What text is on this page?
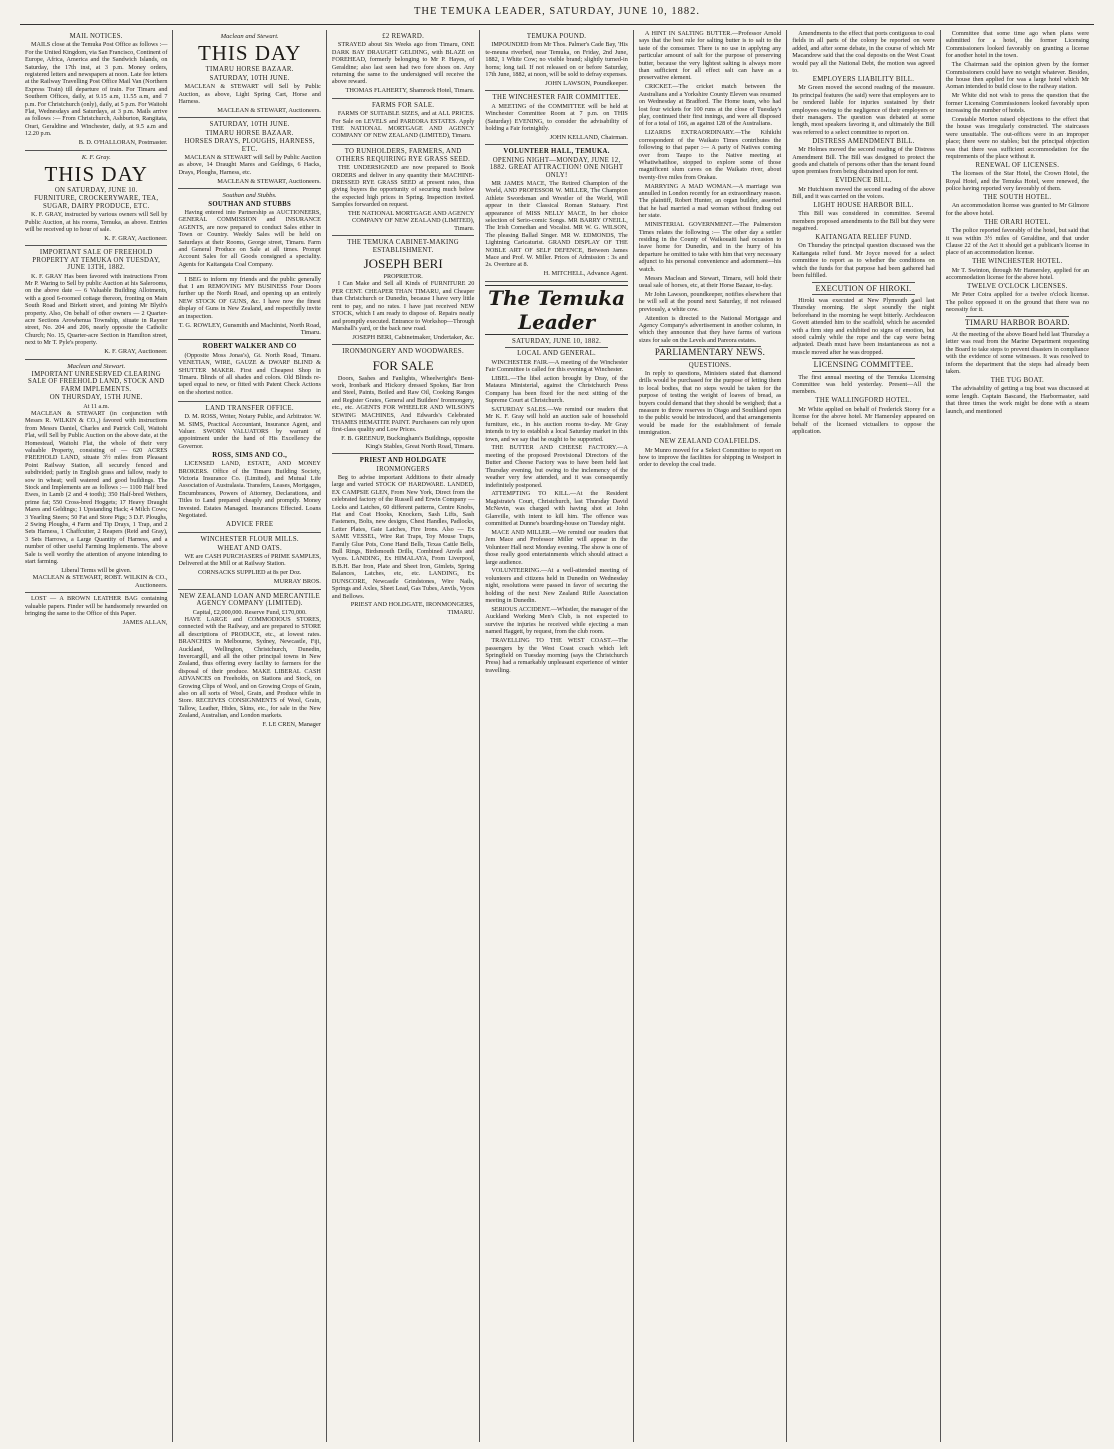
THE TEMUKA LEADER, SATURDAY, JUNE 10, 1882.
MAIL NOTICES.

MAILS close at the Temuka Post Office as follows :— For the United Kingdom, via San Francisco, Continent of Europe, Africa, America and the Sandwich Islands, on Saturday, the 17th inst, at 3 p.m. Money orders, registered letters and newspapers at noon. Late fee letters at the Railway Travelling Post Office Mail Van (Northern Express Train) till departure of train. For Timaru and Southern Offices, daily, at 9.15 a.m, 11.55 a.m, and 7 p.m. For Christchurch (only), daily, at 5 p.m. For Waitohi Flat, Wednesdays and Saturdays, at 3 p.m. Mails arrive as follows :— From Christchurch, Ashburton, Rangitata, Orari, Geraldine and Winchester, daily, at 9.5 a.m and 12.20 p.m.

B. D. O'HALLORAN, Postmaster.
K. F. Gray.
THIS DAY
ON SATURDAY, JUNE 10.
FURNITURE, CROCKERYWARE, TEA, SUGAR, DAIRY PRODUCE, ETC.

K. F. GRAY, instructed by various owners will Sell by Public Auction, at his rooms, Temuka, as above. Entries will be received up to hour of sale.

K. F. GRAY, Auctioneer.
IMPORTANT SALE OF FREEHOLD PROPERTY AT TEMUKA ON TUESDAY, JUNE 13TH, 1882.

K. F. GRAY Has been favored with instructions From Mr P. Waring to Sell by public Auction at his Salerooms, on the above date — 6 Valuable Building Allotments, with a good 6-roomed cottage thereon, fronting on Main South Road and Birkett street, and joining Mr Blyth's property. Also, On behalf of other owners — 2 Quarter-acre Sections Arowhenua Township, situate in Rayner street, No. 204 and 206, nearly opposite the Catholic Church; No. 15, Quarter-acre Section in Hamilton street, next to Mr T. Pyle's property.

K. F. GRAY, Auctioneer.
Maclean and Stewart.
IMPORTANT UNRESERVED CLEARING SALE OF FREEHOLD LAND, STOCK AND FARM IMPLEMENTS.
ON THURSDAY, 15TH JUNE.
At 11 a.m.

MACLEAN & STEWART (in conjunction with Messrs R. WILKIN & CO.,) favored with instructions from Messrs Daniel, Charles and Patrick Coll, Waitohi Flat, will Sell by Public Auction on the above date, at the Homestead, Waitohi Flat, the whole of their very valuable Property, consisting of — 620 ACRES FREEHOLD LAND, situate 3½ miles from Pleasant Point Railway Station, all securely fenced and subdivided; partly in English grass and fallow, ready to sow in wheat; well watered and good buildings. The Stock and Implements are as follows :— 1100 Half bred Ewes, in Lamb (2 and 4 tooth); 350 Half-bred Wethers, prime fat; 550 Cross-bred Hoggets; 17 Heavy Draught Mares and Geldings; 1 Upstanding Hack; 4 Milch Cows; 3 Yearling Steers; 50 Fat and Store Pigs; 3 D.F. Ploughs, 2 Swing Ploughs, 4 Farm and Tip Drays, 1 Trap, and 2 Sets Harness, 1 Chaffcutter, 2 Reapers (Reid and Gray), 3 Sets Harrows, a Large Quantity of Harness, and a number of other useful Farming Implements. The above Sale is well worthy the attention of anyone intending to start farming.

Liberal Terms will be given.
MACLEAN & STEWART, ROBT. WILKIN & CO., Auctioneers.

LOST — A BROWN LEATHER BAG containing valuable papers. Finder will be handsomely rewarded on bringing the same to the Office of this Paper.

JAMES ALLAN,
Maclean and Stewart.
THIS DAY
TIMARU HORSE BAZAAR.
SATURDAY, 10TH JUNE.

MACLEAN & STEWART will Sell by Public Auction, as above, Light Spring Cart, Horse and Harness.

MACLEAN & STEWART, Auctioneers.
SATURDAY, 10TH JUNE.
TIMARU HORSE BAZAAR.
HORSES DRAYS, PLOUGHS, HARNESS, ETC.

MACLEAN & STEWART will Sell by Public Auction as above, 14 Draught Mares and Geldings, 6 Hacks, Drays, Ploughs, Harness, etc.

MACLEAN & STEWART, Auctioneers.
Southan and Stubbs.
SOUTHAN AND STUBBS

Having entered into Partnership as AUCTIONEERS, GENERAL COMMISSION and INSURANCE AGENTS, are now prepared to conduct Sales either in Town or Country. Weekly Sales will be held on Saturdays at their Rooms, George street, Timaru. Farm and General Produce on Sale at all times. Prompt Account Sales for all Goods consigned a speciality. Agents for Kaitangata Coal Company.

I BEG to inform my friends and the public generally that I am REMOVING MY BUSINESS Four Doors further up the North Road, and opening up an entirely NEW STOCK OF GUNS, &c. I have now the finest display of Guns in New Zealand, and respectfully invite an inspection.

T. G. ROWLEY, Gunsmith and Machinist, North Road, Timaru.
ROBERT WALKER AND CO

(Opposite Moss Jonas's), Gt. North Road, Timaru. VENETIAN, WIRE, GAUZE & DWARF BLIND & SHUTTER MAKER. First and Cheapest Shop in Timaru. Blinds of all shades and colors. Old Blinds re-taped equal to new, or fitted with Patent Check Actions on the shortest notice.

LAND TRANSFER OFFICE.

D. M. ROSS, Writer, Notary Public, and Arbitrator. W. M. SIMS, Practical Accountant, Insurance Agent, and Valuer. SWORN VALUATORS by warrant of appointment under the hand of His Excellency the Governor.

ROSS, SIMS AND CO.,

LICENSED LAND, ESTATE, AND MONEY BROKERS. Office of the Timaru Building Society, Victoria Insurance Co. (Limited), and Mutual Life Association of Australasia. Transfers, Leases, Mortgages, Encumbrances, Powers of Attorney, Declarations, and Titles to Land prepared cheaply and promptly. Money Invested. Estates Managed. Insurances Effected. Loans Negotiated.

ADVICE FREE
WINCHESTER FLOUR MILLS.
WHEAT AND OATS.

WE are CASH PURCHASERS of PRIME SAMPLES, Delivered at the Mill or at Railway Station.

CORNSACKS SUPPLIED at 8s per Doz.

MURRAY BROS.
NEW ZEALAND LOAN AND MERCANTILE AGENCY COMPANY (LIMITED).
Capital, £2,000,000. Reserve Fund, £170,000.

HAVE LARGE and COMMODIOUS STORES, connected with the Railway, and are prepared to STORE all descriptions of PRODUCE, etc., at lowest rates. BRANCHES in Melbourne, Sydney, Newcastle, Fiji, Auckland, Wellington, Christchurch, Dunedin, Invercargill, and all the other principal towns in New Zealand, thus offering every facility to farmers for the disposal of their produce. MAKE LIBERAL CASH ADVANCES on Freeholds, on Stations and Stock, on Growing Clips of Wool, and on Growing Crops of Grain, also on all sorts of Wool, Grain, and Produce while in Store. RECEIVES CONSIGNMENTS of Wool, Grain, Tallow, Leather, Hides, Skins, etc., for sale in the New Zealand, Australian, and London markets.

F. LE CREN, Manager
£2 REWARD.

STRAYED about Six Weeks ago from Timaru, ONE DARK BAY DRAUGHT GELDING, with BLAZE on FOREHEAD, formerly belonging to Mr P. Hayes, of Geraldine; also last seen had two fore shoes on. Any returning the same to the undersigned will receive the above reward.

THOMAS FLAHERTY, Shamrock Hotel, Timaru.
FARMS FOR SALE.

FARMS OF SUITABLE SIZES, and at ALL PRICES. For Sale on LEVELS and PAREORA ESTATES. Apply THE NATIONAL MORTGAGE AND AGENCY COMPANY OF NEW ZEALAND (LIMITED), Timaru.

TO RUNHOLDERS, FARMERS, AND OTHERS REQUIRING RYE GRASS SEED.

THE UNDERSIGNED are now prepared to Book ORDERS and deliver in any quantity their MACHINE-DRESSED RYE GRASS SEED at present rates, thus giving buyers the opportunity of securing much below the expected high prices in Spring. Inspection invited. Samples forwarded on request.

THE NATIONAL MORTGAGE AND AGENCY COMPANY OF NEW ZEALAND (LIMITED), Timaru.
THE TEMUKA CABINET-MAKING ESTABLISHMENT.
JOSEPH BERI
PROPRIETOR.

I Can Make and Sell all Kinds of FURNITURE 20 PER CENT. CHEAPER THAN TIMARU, and Cheaper than Christchurch or Dunedin, because I have very little rent to pay, and no rates. I have just received NEW STOCK, which I am ready to dispose of. Repairs neatly and promptly executed. Entrance to Workshop—Through Marshall's yard, or the back new road.

JOSEPH BERI, Cabinetmaker, Undertaker, &c.
IRONMONGERY AND WOODWARES.
FOR SALE

Doors, Sashes and Fanlights, Wheelwright's Bent-work, Ironbark and Hickory dressed Spokes, Bar Iron and Steel, Paints, Boiled and Raw Oil, Cooking Ranges and Register Grates, General and Builders' Ironmongery, etc., etc. AGENTS FOR WHEELER AND WILSON'S SEWING MACHINES, And Edwards's Celebrated THAMES HEMATITE PAINT. Purchasers can rely upon first-class quality and Low Prices.

F. B. GREENUP, Buckingham's Buildings, opposite King's Stables, Great North Road, Timaru.
PRIEST AND HOLDGATE
IRONMONGERS

Beg to advise important Additions to their already large and varied STOCK OF HARDWARE. LANDED, EX CAMPSIE GLEN, From New York, Direct from the celebrated factory of the Russell and Erwin Company — Locks and Latches, 60 different patterns, Centre Knobs, Hat and Coat Hooks, Knockers, Sash Lifts, Sash Fasteners, Bolts, new designs, Chest Handles, Padlocks, Letter Plates, Gate Latches, Fire Irons. Also — Ex SAME VESSEL, Wire Rat Traps, Toy Mouse Traps, Family Glue Pots, Cone Hand Bells, Texas Cattle Bells, Bull Rings, Birdsmouth Drills, Combined Anvils and Vyces. LANDING, Ex HIMALAYA, From Liverpool, B.B.H. Bar Iron, Plate and Sheet Iron, Gimlets, Spring Balances, Latches, etc, etc. LANDING, Ex DUNSCORE, Newcastle Grindstones, Wire Nails, Springs and Axles, Sheet Lead, Gas Tubes, Anvils, Vyces and Bellows.

PRIEST AND HOLDGATE, IRONMONGERS, TIMARU.
TEMUKA POUND.

IMPOUNDED from Mr Thos. Palmer's Cade Bay, 'His te-meuna riverbed, near Temuka, on Friday, 2nd June, 1882, 1 White Cow; no visible brand; slightly turned-in horns; long tail. If not released on or before Saturday, 17th June, 1882, at noon, will be sold to defray expenses.

JOHN LAWSON, Poundkeeper.
THE WINCHESTER FAIR COMMITTEE.

A MEETING of the COMMITTEE will be held at Winchester Committee Room at 7 p.m. on THIS (Saturday) EVENING, to consider the advisability of holding a Fair fortnightly.

JOHN KELLAND, Chairman.
VOLUNTEER HALL, TEMUKA.
OPENING NIGHT—MONDAY, JUNE 12, 1882. GREAT ATTRACTION! ONE NIGHT ONLY!

MR JAMES MACE, The Retired Champion of the World, AND PROFESSOR W. MILLER, The Champion Athlete Swordsman and Wrestler of the World, Will appear in their Classical Roman Statuary. First appearance of MISS NELLY MACE, In her choice selection of Serio-comic Songs. MR BARRY O'NEILL, The Irish Comedian and Vocalist. MR W. G. WILSON, The pleasing Ballad Singer. MR W. EDMONDS, The Lightning Caricaturist. GRAND DISPLAY OF THE NOBLE ART OF SELF DEFENCE, Between James Mace and Prof. W. Miller. Prices of Admission : 3s and 2s. Overture at 8.

H. MITCHELL, Advance Agent.
The Temuka Leader
SATURDAY, JUNE 10, 1882.
LOCAL AND GENERAL.

WINCHESTER FAIR.—A meeting of the Winchester Fair Committee is called for this evening at Winchester.

LIBEL.—The libel action brought by Dray, of the Mataura Ministerial, against the Christchurch Press Company has been fixed for the next sitting of the Supreme Court at Christchurch.

SATURDAY SALES.—We remind our readers that Mr K. F. Gray will hold an auction sale of household furniture, etc., in his auction rooms to-day. Mr Gray intends to try to establish a local Saturday market in this town, and we say that he ought to be supported.

THE BUTTER AND CHEESE FACTORY.—A meeting of the proposed Provisional Directors of the Butter and Cheese Factory was to have been held last Thursday evening, but owing to the inclemency of the weather very few attended, and it was consequently indefinitely postponed.

ATTEMPTING TO KILL.—At the Resident Magistrate's Court, Christchurch, last Thursday David McNevin, was charged with having shot at John Glanville, with intent to kill him. The offence was committed at Dunne's boarding-house on Tuesday night.

MACE AND MILLER.—We remind our readers that Jem Mace and Professor Miller will appear in the Volunteer Hall next Monday evening. The show is one of those really good entertainments which should attract a large audience.

VOLUNTEERING.—At a well-attended meeting of volunteers and citizens held in Dunedin on Wednesday night, resolutions were passed in favor of securing the holding of the next New Zealand Rifle Association meeting in Dunedin.

SERIOUS ACCIDENT.—Whistler, the manager of the Auckland Working Men's Club, is not expected to survive the injuries he received while ejecting a man named Haggett, by request, from the club room.

TRAVELLING TO THE WEST COAST.—The passengers by the West Coast coach which left Springfield on Tuesday morning (says the Christchurch Press) had a remarkably unpleasant experience of winter travelling.

A HINT IN SALTING BUTTER.—Professor Arnold says that the best rule for salting butter is to salt to the taste of the consumer. There is no use in applying any particular amount of salt for the purpose of preserving butter, because the very lightest salting is always more than sufficient for all effect salt can have as a preservative element.

CRICKET.—The cricket match between the Australians and a Yorkshire County Eleven was resumed on Wednesday at Bradford. The Home team, who had lost four wickets for 100 runs at the close of Tuesday's play, continued their first innings, and were all disposed of for a total of 166, as against 128 of the Australians.

LIZARDS EXTRAORDINARY.—The Kihikihi correspondent of the Waikato Times contributes the following to that paper :— A party of Natives coming over from Taupo to the Native meeting at Whatiwhatihoe, stopped to explore some of those magnificent slum caves on the Waikato river, about twenty-five miles from Orakau.

MARRYING A MAD WOMAN.—A marriage was annulled in London recently for an extraordinary reason. The plaintiff, Robert Hunter, an organ builder, asserted that he had married a mad woman without finding out her state.

MINISTERIAL GOVERNMENT.—The Palmerston Times relates the following :— The other day a settler residing in the County of Waikouaiti had occasion to leave home for Dunedin, and in the hurry of his departure he omitted to take with him that very necessary adjunct to his personal convenience and adornment—his watch.

Messrs Maclean and Stewart, Timaru, will hold their usual sale of horses, etc, at their Horse Bazaar, to-day.

Mr John Lawson, poundkeeper, notifies elsewhere that he will sell at the pound next Saturday, if not released previously, a white cow.

Attention is directed to the National Mortgage and Agency Company's advertisement in another column, in which they announce that they have farms of various sizes for sale on the Levels and Pareora estates.

PARLIAMENTARY NEWS.
QUESTIONS.

In reply to questions, Ministers stated that diamond drills would be purchased for the purpose of letting them to local bodies, that no steps would be taken for the purpose of testing the weight of loaves of bread, as buyers could demand that they should be weighed; that a measure to throw reserves in Otago and Southland open to the public would be introduced, and that arrangements would be made for the establishment of female immigration.

NEW ZEALAND COALFIELDS.

Mr Munro moved for a Select Committee to report on how to improve the facilities for shipping in Westport in order to develop the coal trade.

Amendments to the effect that ports contiguous to coal fields in all parts of the colony be reported on were added, and after some debate, in the course of which Mr Macandrew said that the coal deposits on the West Coast would pay all the National Debt, the motion was agreed to.

EMPLOYERS LIABILITY BILL.

Mr Green moved the second reading of the measure. Its principal features (he said) were that employers are to be rendered liable for injuries sustained by their employees owing to the negligence of their employers or their managers. The question was debated at some length, most speakers favoring it, and ultimately the Bill was referred to a select committee to report on.

DISTRESS AMENDMENT BILL.

Mr Holmes moved the second reading of the Distress Amendment Bill. The Bill was designed to protect the goods and chattels of persons other than the tenant found upon premises from being distrained upon for rent.

EVIDENCE BILL.

Mr Hutchison moved the second reading of the above Bill, and it was carried on the voices.

LIGHT HOUSE HARBOR BILL.

This Bill was considered in committee. Several members proposed amendments to the Bill but they were negatived.

KAITANGATA RELIEF FUND.

On Thursday the principal question discussed was the Kaitangata relief fund. Mr Joyce moved for a select committee to report as to whether the conditions on which the funds for that purpose had been gathered had been fulfilled.

EXECUTION OF HIROKI.

Hiroki was executed at New Plymouth gaol last Thursday morning. He slept soundly the night beforehand in the morning he wept bitterly. Archdeacon Govett attended him to the scaffold, which he ascended with a firm step and exhibited no signs of emotion, but stood calmly while the rope and the cap were being adjusted. Death must have been instantaneous as not a muscle moved after he was dropped.

LICENSING COMMITTEE.

The first annual meeting of the Temuka Licensing Committee was held yesterday. Present—All the members.

THE WALLINGFORD HOTEL.

Mr White applied on behalf of Frederick Storey for a license for the above hotel. Mr Hamersley appeared on behalf of the licensed victuallers to oppose the application.

Committee that some time ago when plans were submitted for a hotel, the former Licensing Commissioners looked favorably on granting a license for another hotel in the town.

The Chairman said the opinion given by the former Commissioners could have no weight whatever. Besides, the house then applied for was a large hotel which Mr Aoman intended to build close to the railway station.

Mr White did not wish to press the question that the former Licensing Commissioners looked favorably upon increasing the number of hotels.

Constable Morton raised objections to the effect that the house was irregularly constructed. The staircases were unsuitable. The out-offices were in an improper place; there were no stables; but the principal objection was that there was sufficient accommodation for the requirements of the place without it.

RENEWAL OF LICENSES.

The licenses of the Star Hotel, the Crown Hotel, the Royal Hotel, and the Temuka Hotel, were renewed, the police having reported very favorably of them.

THE SOUTH HOTEL.

An accommodation license was granted to Mr Gilmore for the above hotel.

THE ORARI HOTEL.

The police reported favorably of the hotel, but said that it was within 3½ miles of Geraldine, and that under Clause 22 of the Act it should get a publican's license in place of an accommodation license.

THE WINCHESTER HOTEL.

Mr T. Swinton, through Mr Hamersley, applied for an accommodation license for the above hotel.

TWELVE O'CLOCK LICENSES.

Mr Peter Coira applied for a twelve o'clock license. The police opposed it on the ground that there was no necessity for it.

TIMARU HARBOR BOARD.

At the meeting of the above Board held last Thursday a letter was read from the Marine Department requesting the Board to take steps to prevent disasters in compliance with the evidence of some witnesses. It was resolved to inform the department that the steps had already been taken.

THE TUG BOAT.

The advisability of getting a tug boat was discussed at some length. Captain Bascand, the Harbormaster, said that three times the work might be done with a steam launch, and mentioned
